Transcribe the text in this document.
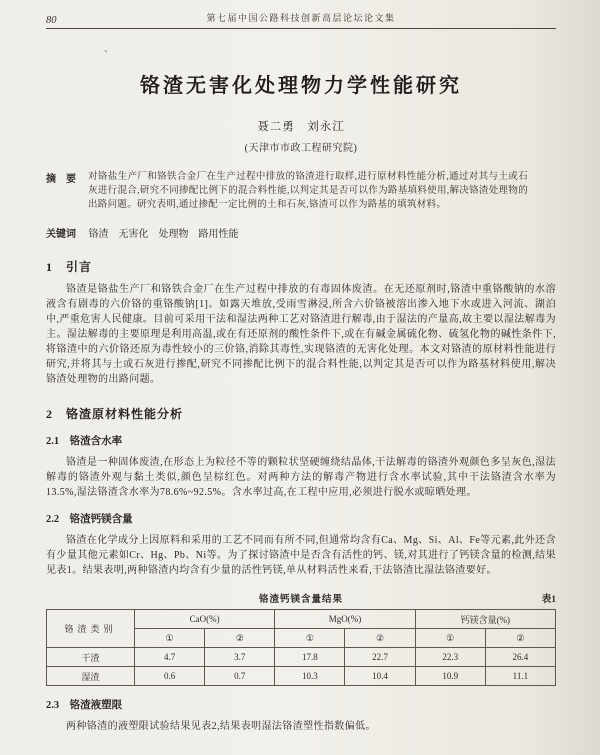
80	第七届中国公路科技创新高层论坛论文集
、
铬渣无害化处理物力学性能研究
聂二勇　刘永江
(天津市市政工程研究院)
摘　要	对铬盐生产厂和铬铁合金厂在生产过程中排放的铬渣进行取样,进行原材料性能分析,通过对其与土或石灰进行混合,研究不同掺配比例下的混合料性能,以判定其是否可以作为路基填料使用,解决铬渣处理物的出路问题。研究表明,通过掺配一定比例的土和石灰,铬渣可以作为路基的填筑材料。
关键词 铬渣　无害化　处理物　路用性能
1　引言

铬渣是铬盐生产厂和铬铁合金厂在生产过程中排放的有毒固体废渣。在无还原剂时,铬渣中重铬酸钠的水溶液含有剧毒的六价铬的重铬酸钠[1]。如露天堆放,受雨雪淋浸,所含六价铬被溶出渗入地下水或进入河流、湖泊中,严重危害人民健康。目前可采用干法和湿法两种工艺对铬渣进行解毒,由于湿法的产量高,故主要以湿法解毒为主。湿法解毒的主要原理是利用高温,或在有还原剂的酸性条件下,或在有碱金属硫化物、硫氢化物的碱性条件下,将铬渣中的六价铬还原为毒性较小的三价铬,消除其毒性,实现铬渣的无害化处理。本文对铬渣的原材料性能进行研究,并将其与土或石灰进行掺配,研究不同掺配比例下的混合料性能,以判定其是否可以作为路基材料使用,解决铬渣处理物的出路问题。

2　铬渣原材料性能分析
2.1　铬渣含水率

铬渣是一种固体废渣,在形态上为粒径不等的颗粒状坚硬缠绕结晶体,干法解毒的铬渣外观颜色多呈灰色,湿法解毒的铬渣外观与黏土类似,颜色呈棕红色。对两种方法的解毒产物进行含水率试验,其中干法铬渣含水率为13.5%,湿法铬渣含水率为78.6%~92.5%。含水率过高,在工程中应用,必须进行脱水或晾晒处理。

2.2　铬渣钙镁含量

铬渣在化学成分上因原料和采用的工艺不同而有所不同,但通常均含有Ca、Mg、Si、Al、Fe等元素,此外还含有少量其他元素如Cr、Hg、Pb、Ni等。为了探讨铬渣中是否含有活性的钙、镁,对其进行了钙镁含量的检测,结果见表1。结果表明,两种铬渣内均含有少量的活性钙镁,单从材料活性来看,干法铬渣比湿法铬渣要好。

铬渣钙镁含量结果	表1
铬渣类别	CaO(%)		MgO(%)		钙镁含量(%)	
	①	②	①	②	①	②
干渣	4.7	3.7	17.8	22.7	22.3	26.4
湿渣	0.6	0.7	10.3	10.4	10.9	11.1
2.3　铬渣液塑限

两种铬渣的液塑限试验结果见表2,结果表明湿法铬渣塑性指数偏低。
